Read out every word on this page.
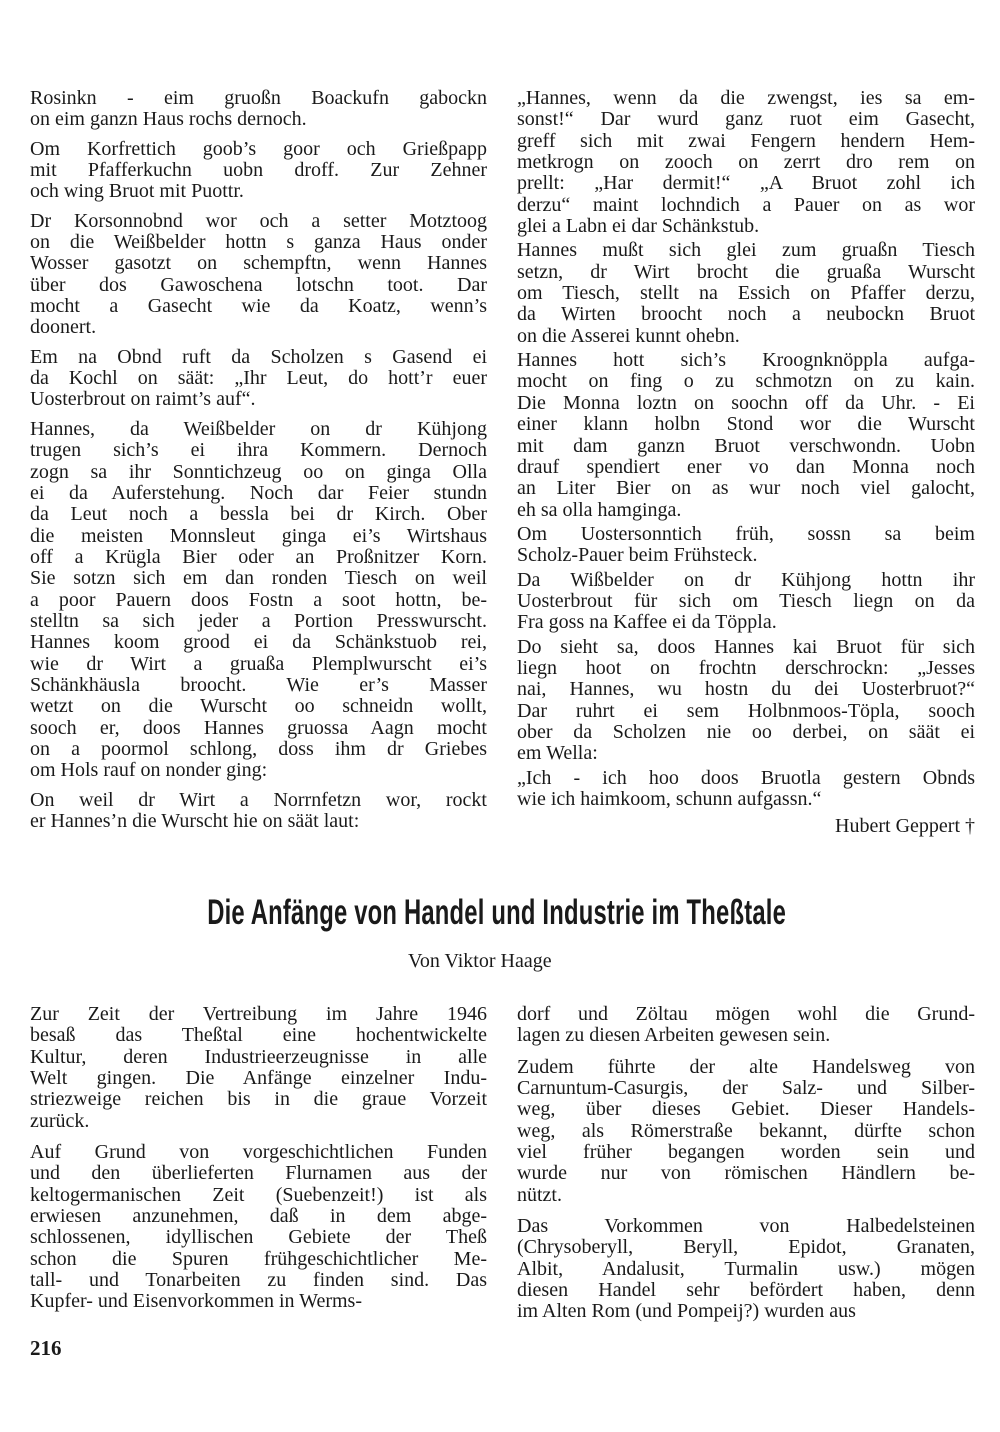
Rosinkn - eim gruoßn Boackufn gabockn
on eim ganzn Haus rochs dernoch.
Om Korfrettich goob’s goor och Grießpapp
mit Pfafferkuchn uobn droff. Zur Zehner
och wing Bruot mit Puottr.
Dr Korsonnobnd wor och a setter Motztoog
on die Weißbelder hottn s ganza Haus onder
Wosser gasotzt on schempftn, wenn Hannes
über dos Gawoschena lotschn toot. Dar
mocht a Gasecht wie da Koatz, wenn’s
doonert.
Em na Obnd ruft da Scholzen s Gasend ei
da Kochl on säät: „Ihr Leut, do hott’r euer
Uosterbrout on raimt’s auf“.
Hannes, da Weißbelder on dr Kühjong
trugen sich’s ei ihra Kommern. Dernoch
zogn sa ihr Sonntichzeug oo on ginga Olla
ei da Auferstehung. Noch dar Feier stundn
da Leut noch a bessla bei dr Kirch. Ober
die meisten Monnsleut ginga ei’s Wirtshaus
off a Krügla Bier oder an Proßnitzer Korn.
Sie sotzn sich em dan ronden Tiesch on weil
a poor Pauern doos Fostn a soot hottn, be-
stelltn sa sich jeder a Portion Presswurscht.
Hannes koom grood ei da Schänkstuob rei,
wie dr Wirt a gruaßa Plemplwurscht ei’s
Schänkhäusla broocht. Wie er’s Masser
wetzt on die Wurscht oo schneidn wollt,
sooch er, doos Hannes gruossa Aagn mocht
on a poormol schlong, doss ihm dr Griebes
om Hols rauf on nonder ging:
On weil dr Wirt a Norrnfetzn wor, rockt
er Hannes’n die Wurscht hie on säät laut:
„Hannes, wenn da die zwengst, ies sa em-
sonst!“ Dar wurd ganz ruot eim Gasecht,
greff sich mit zwai Fengern hendern Hem-
metkrogn on zooch on zerrt dro rem on
prellt: „Har dermit!“ „A Bruot zohl ich
derzu“ maint lochndich a Pauer on as wor
glei a Labn ei dar Schänkstub.
Hannes mußt sich glei zum gruaßn Tiesch
setzn, dr Wirt brocht die gruaßa Wurscht
om Tiesch, stellt na Essich on Pfaffer derzu,
da Wirten broocht noch a neubockn Bruot
on die Asserei kunnt ohebn.
Hannes hott sich’s Kroognknöppla aufga-
mocht on fing o zu schmotzn on zu kain.
Die Monna loztn on soochn off da Uhr. - Ei
einer klann holbn Stond wor die Wurscht
mit dam ganzn Bruot verschwondn. Uobn
drauf spendiert ener vo dan Monna noch
an Liter Bier on as wur noch viel galocht,
eh sa olla hamginga.
Om Uostersonntich früh, sossn sa beim
Scholz-Pauer beim Frühsteck.
Da Wißbelder on dr Kühjong hottn ihr
Uosterbrout für sich om Tiesch liegn on da
Fra goss na Kaffee ei da Töppla.
Do sieht sa, doos Hannes kai Bruot für sich
liegn hoot on frochtn derschrockn: „Jesses
nai, Hannes, wu hostn du dei Uosterbruot?“
Dar ruhrt ei sem Holbnmoos-Töpla, sooch
ober da Scholzen nie oo derbei, on säät ei
em Wella:
„Ich - ich hoo doos Bruotla gestern Obnds
wie ich haimkoom, schunn aufgassn.“
Hubert Geppert †
Die Anfänge von Handel und Industrie im Theßtale
Von Viktor Haage
Zur Zeit der Vertreibung im Jahre 1946
besaß das Theßtal eine hochentwickelte
Kultur, deren Industrieerzeugnisse in alle
Welt gingen. Die Anfänge einzelner Indu-
striezweige reichen bis in die graue Vorzeit
zurück.
Auf Grund von vorgeschichtlichen Funden
und den überlieferten Flurnamen aus der
keltogermanischen Zeit (Suebenzeit!) ist als
erwiesen anzunehmen, daß in dem abge-
schlossenen, idyllischen Gebiete der Theß
schon die Spuren frühgeschichtlicher Me-
tall- und Tonarbeiten zu finden sind. Das
Kupfer- und Eisenvorkommen in Werms-
dorf und Zöltau mögen wohl die Grund-
lagen zu diesen Arbeiten gewesen sein.
Zudem führte der alte Handelsweg von
Carnuntum-Casurgis, der Salz- und Silber-
weg, über dieses Gebiet. Dieser Handels-
weg, als Römerstraße bekannt, dürfte schon
viel früher begangen worden sein und
wurde nur von römischen Händlern be-
nützt.
Das Vorkommen von Halbedelsteinen
(Chrysoberyll, Beryll, Epidot, Granaten,
Albit, Andalusit, Turmalin usw.) mögen
diesen Handel sehr befördert haben, denn
im Alten Rom (und Pompeij?) wurden aus
216
